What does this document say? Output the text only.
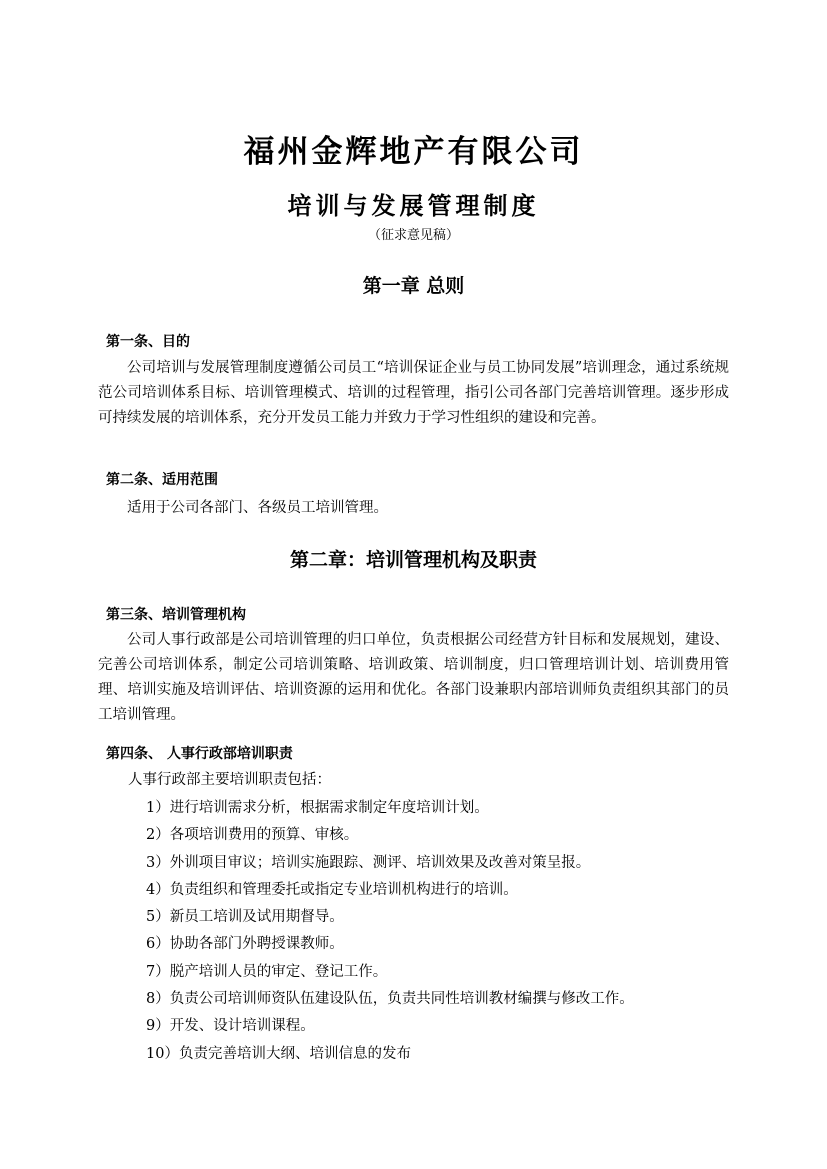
福州金辉地产有限公司
培训与发展管理制度
（征求意见稿）
第一章 总则
第一条、目的
公司培训与发展管理制度遵循公司员工“培训保证企业与员工协同发展”培训理念，通过系统规范公司培训体系目标、培训管理模式、培训的过程管理，指引公司各部门完善培训管理。逐步形成可持续发展的培训体系，充分开发员工能力并致力于学习性组织的建设和完善。
第二条、适用范围
适用于公司各部门、各级员工培训管理。
第二章：培训管理机构及职责
第三条、培训管理机构
公司人事行政部是公司培训管理的归口单位，负责根据公司经营方针目标和发展规划，建设、完善公司培训体系，制定公司培训策略、培训政策、培训制度，归口管理培训计划、培训费用管理、培训实施及培训评估、培训资源的运用和优化。各部门设兼职内部培训师负责组织其部门的员工培训管理。
第四条、 人事行政部培训职责
人事行政部主要培训职责包括：
1）进行培训需求分析，根据需求制定年度培训计划。
2）各项培训费用的预算、审核。
3）外训项目审议；培训实施跟踪、测评、培训效果及改善对策呈报。
4）负责组织和管理委托或指定专业培训机构进行的培训。
5）新员工培训及试用期督导。
6）协助各部门外聘授课教师。
7）脱产培训人员的审定、登记工作。
8）负责公司培训师资队伍建设队伍，负责共同性培训教材编撰与修改工作。
9）开发、设计培训课程。
10）负责完善培训大纲、培训信息的发布
